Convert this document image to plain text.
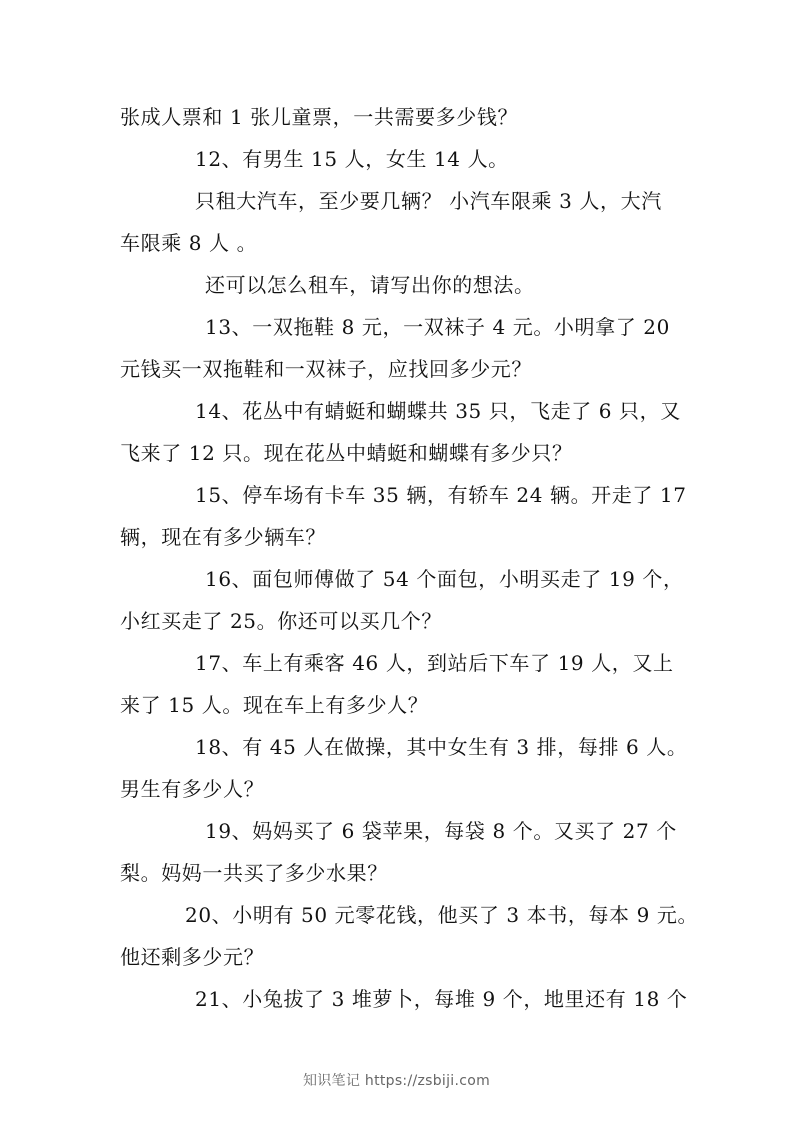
张成人票和 1 张儿童票，一共需要多少钱？
12、有男生 15 人，女生 14 人。
只租大汽车，至少要几辆？ 小汽车限乘 3 人，大汽
车限乘 8 人 。
还可以怎么租车，请写出你的想法。
13、一双拖鞋 8 元，一双袜子 4 元。小明拿了 20
元钱买一双拖鞋和一双袜子，应找回多少元？
14、花丛中有蜻蜓和蝴蝶共 35 只，飞走了 6 只，又
飞来了 12 只。现在花丛中蜻蜓和蝴蝶有多少只？
15、停车场有卡车 35 辆，有轿车 24 辆。开走了 17
辆，现在有多少辆车？
16、面包师傅做了 54 个面包，小明买走了 19 个，
小红买走了 25。你还可以买几个？
17、车上有乘客 46 人，到站后下车了 19 人，又上
来了 15 人。现在车上有多少人？
18、有 45 人在做操，其中女生有 3 排，每排 6 人。
男生有多少人？
19、妈妈买了 6 袋苹果，每袋 8 个。又买了 27 个
梨。妈妈一共买了多少水果？
20、小明有 50 元零花钱，他买了 3 本书，每本 9 元。
他还剩多少元？
21、小兔拔了 3 堆萝卜，每堆 9 个，地里还有 18 个
知识笔记 https://zsbiji.com
